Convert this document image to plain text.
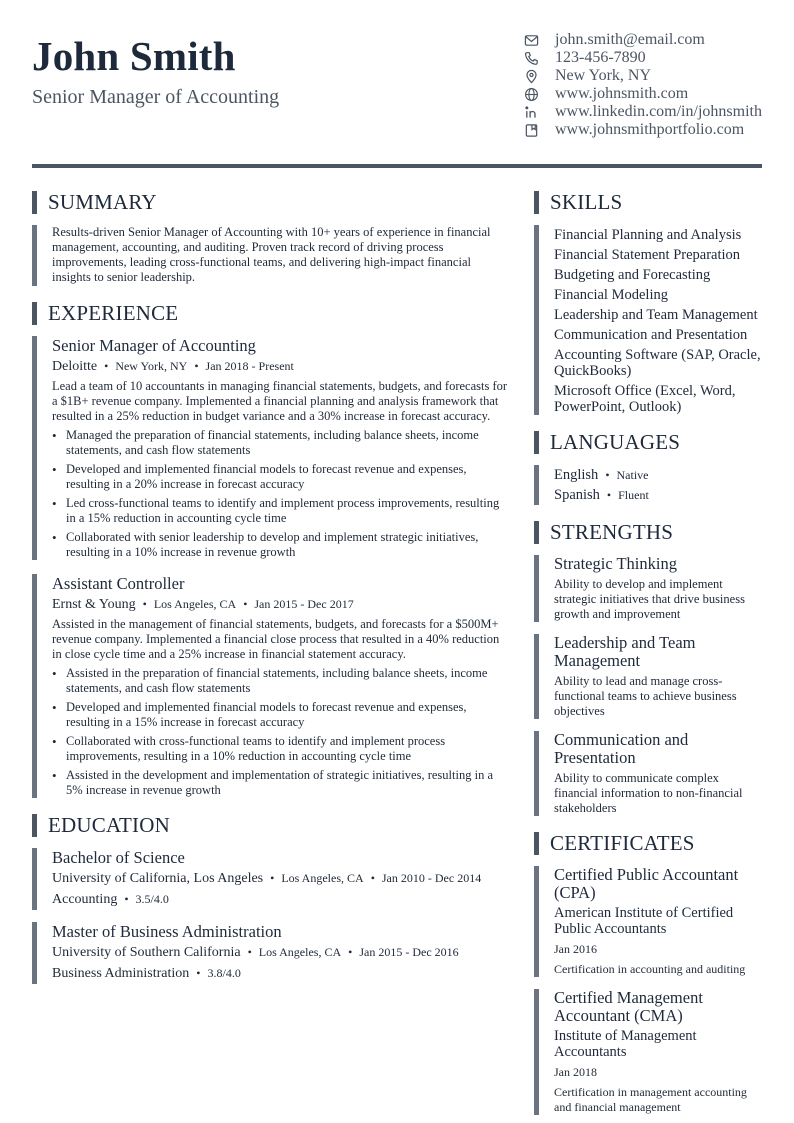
John Smith
Senior Manager of Accounting
john.smith@email.com
123-456-7890
New York, NY
www.johnsmith.com
www.linkedin.com/in/johnsmith
www.johnsmithportfolio.com
SUMMARY
Results-driven Senior Manager of Accounting with 10+ years of experience in financial management, accounting, and auditing. Proven track record of driving process improvements, leading cross-functional teams, and delivering high-impact financial insights to senior leadership.
EXPERIENCE
Senior Manager of Accounting
Deloitte • New York, NY • Jan 2018 - Present
Lead a team of 10 accountants in managing financial statements, budgets, and forecasts for a $1B+ revenue company. Implemented a financial planning and analysis framework that resulted in a 25% reduction in budget variance and a 30% increase in forecast accuracy.
• Managed the preparation of financial statements, including balance sheets, income statements, and cash flow statements
• Developed and implemented financial models to forecast revenue and expenses, resulting in a 20% increase in forecast accuracy
• Led cross-functional teams to identify and implement process improvements, resulting in a 15% reduction in accounting cycle time
• Collaborated with senior leadership to develop and implement strategic initiatives, resulting in a 10% increase in revenue growth
Assistant Controller
Ernst & Young • Los Angeles, CA • Jan 2015 - Dec 2017
Assisted in the management of financial statements, budgets, and forecasts for a $500M+ revenue company. Implemented a financial close process that resulted in a 40% reduction in close cycle time and a 25% increase in financial statement accuracy.
• Assisted in the preparation of financial statements, including balance sheets, income statements, and cash flow statements
• Developed and implemented financial models to forecast revenue and expenses, resulting in a 15% increase in forecast accuracy
• Collaborated with cross-functional teams to identify and implement process improvements, resulting in a 10% reduction in accounting cycle time
• Assisted in the development and implementation of strategic initiatives, resulting in a 5% increase in revenue growth
EDUCATION
Bachelor of Science
University of California, Los Angeles • Los Angeles, CA • Jan 2010 - Dec 2014
Accounting • 3.5/4.0
Master of Business Administration
University of Southern California • Los Angeles, CA • Jan 2015 - Dec 2016
Business Administration • 3.8/4.0
SKILLS
Financial Planning and Analysis
Financial Statement Preparation
Budgeting and Forecasting
Financial Modeling
Leadership and Team Management
Communication and Presentation
Accounting Software (SAP, Oracle, QuickBooks)
Microsoft Office (Excel, Word, PowerPoint, Outlook)
LANGUAGES
English • Native
Spanish • Fluent
STRENGTHS
Strategic Thinking
Ability to develop and implement strategic initiatives that drive business growth and improvement
Leadership and Team Management
Ability to lead and manage cross-functional teams to achieve business objectives
Communication and Presentation
Ability to communicate complex financial information to non-financial stakeholders
CERTIFICATES
Certified Public Accountant (CPA)
American Institute of Certified Public Accountants
Jan 2016
Certification in accounting and auditing
Certified Management Accountant (CMA)
Institute of Management Accountants
Jan 2018
Certification in management accounting and financial management
